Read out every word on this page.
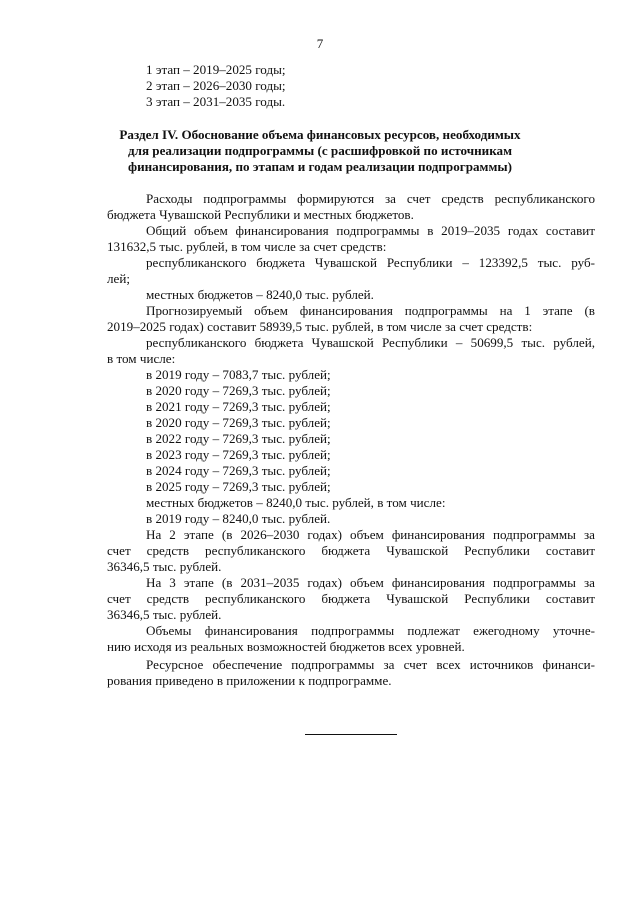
7
1 этап – 2019–2025 годы;
2 этап – 2026–2030 годы;
3 этап – 2031–2035 годы.
Раздел IV. Обоснование объема финансовых ресурсов, необходимых
для реализации подпрограммы (с расшифровкой по источникам
финансирования, по этапам и годам реализации подпрограммы)
Расходы подпрограммы формируются за счет средств республиканского
бюджета Чувашской Республики и местных бюджетов.
Общий объем финансирования подпрограммы в 2019–2035 годах составит
131632,5 тыс. рублей, в том числе за счет средств:
республиканского бюджета Чувашской Республики – 123392,5 тыс. руб-
лей;
местных бюджетов – 8240,0 тыс. рублей.
Прогнозируемый объем финансирования подпрограммы на 1 этапе (в
2019–2025 годах) составит 58939,5 тыс. рублей, в том числе за счет средств:
республиканского бюджета Чувашской Республики – 50699,5 тыс. рублей,
в том числе:
в 2019 году – 7083,7 тыс. рублей;
в 2020 году – 7269,3 тыс. рублей;
в 2021 году – 7269,3 тыс. рублей;
в 2020 году – 7269,3 тыс. рублей;
в 2022 году – 7269,3 тыс. рублей;
в 2023 году – 7269,3 тыс. рублей;
в 2024 году – 7269,3 тыс. рублей;
в 2025 году – 7269,3 тыс. рублей;
местных бюджетов – 8240,0 тыс. рублей, в том числе:
в 2019 году – 8240,0 тыс. рублей.
На 2 этапе (в 2026–2030 годах) объем финансирования подпрограммы за
счет средств республиканского бюджета Чувашской Республики составит
36346,5 тыс. рублей.
На 3 этапе (в 2031–2035 годах) объем финансирования подпрограммы за
счет средств республиканского бюджета Чувашской Республики составит
36346,5 тыс. рублей.
Объемы финансирования подпрограммы подлежат ежегодному уточне-
нию исходя из реальных возможностей бюджетов всех уровней.
Ресурсное обеспечение подпрограммы за счет всех источников финанси-
рования приведено в приложении к подпрограмме.
